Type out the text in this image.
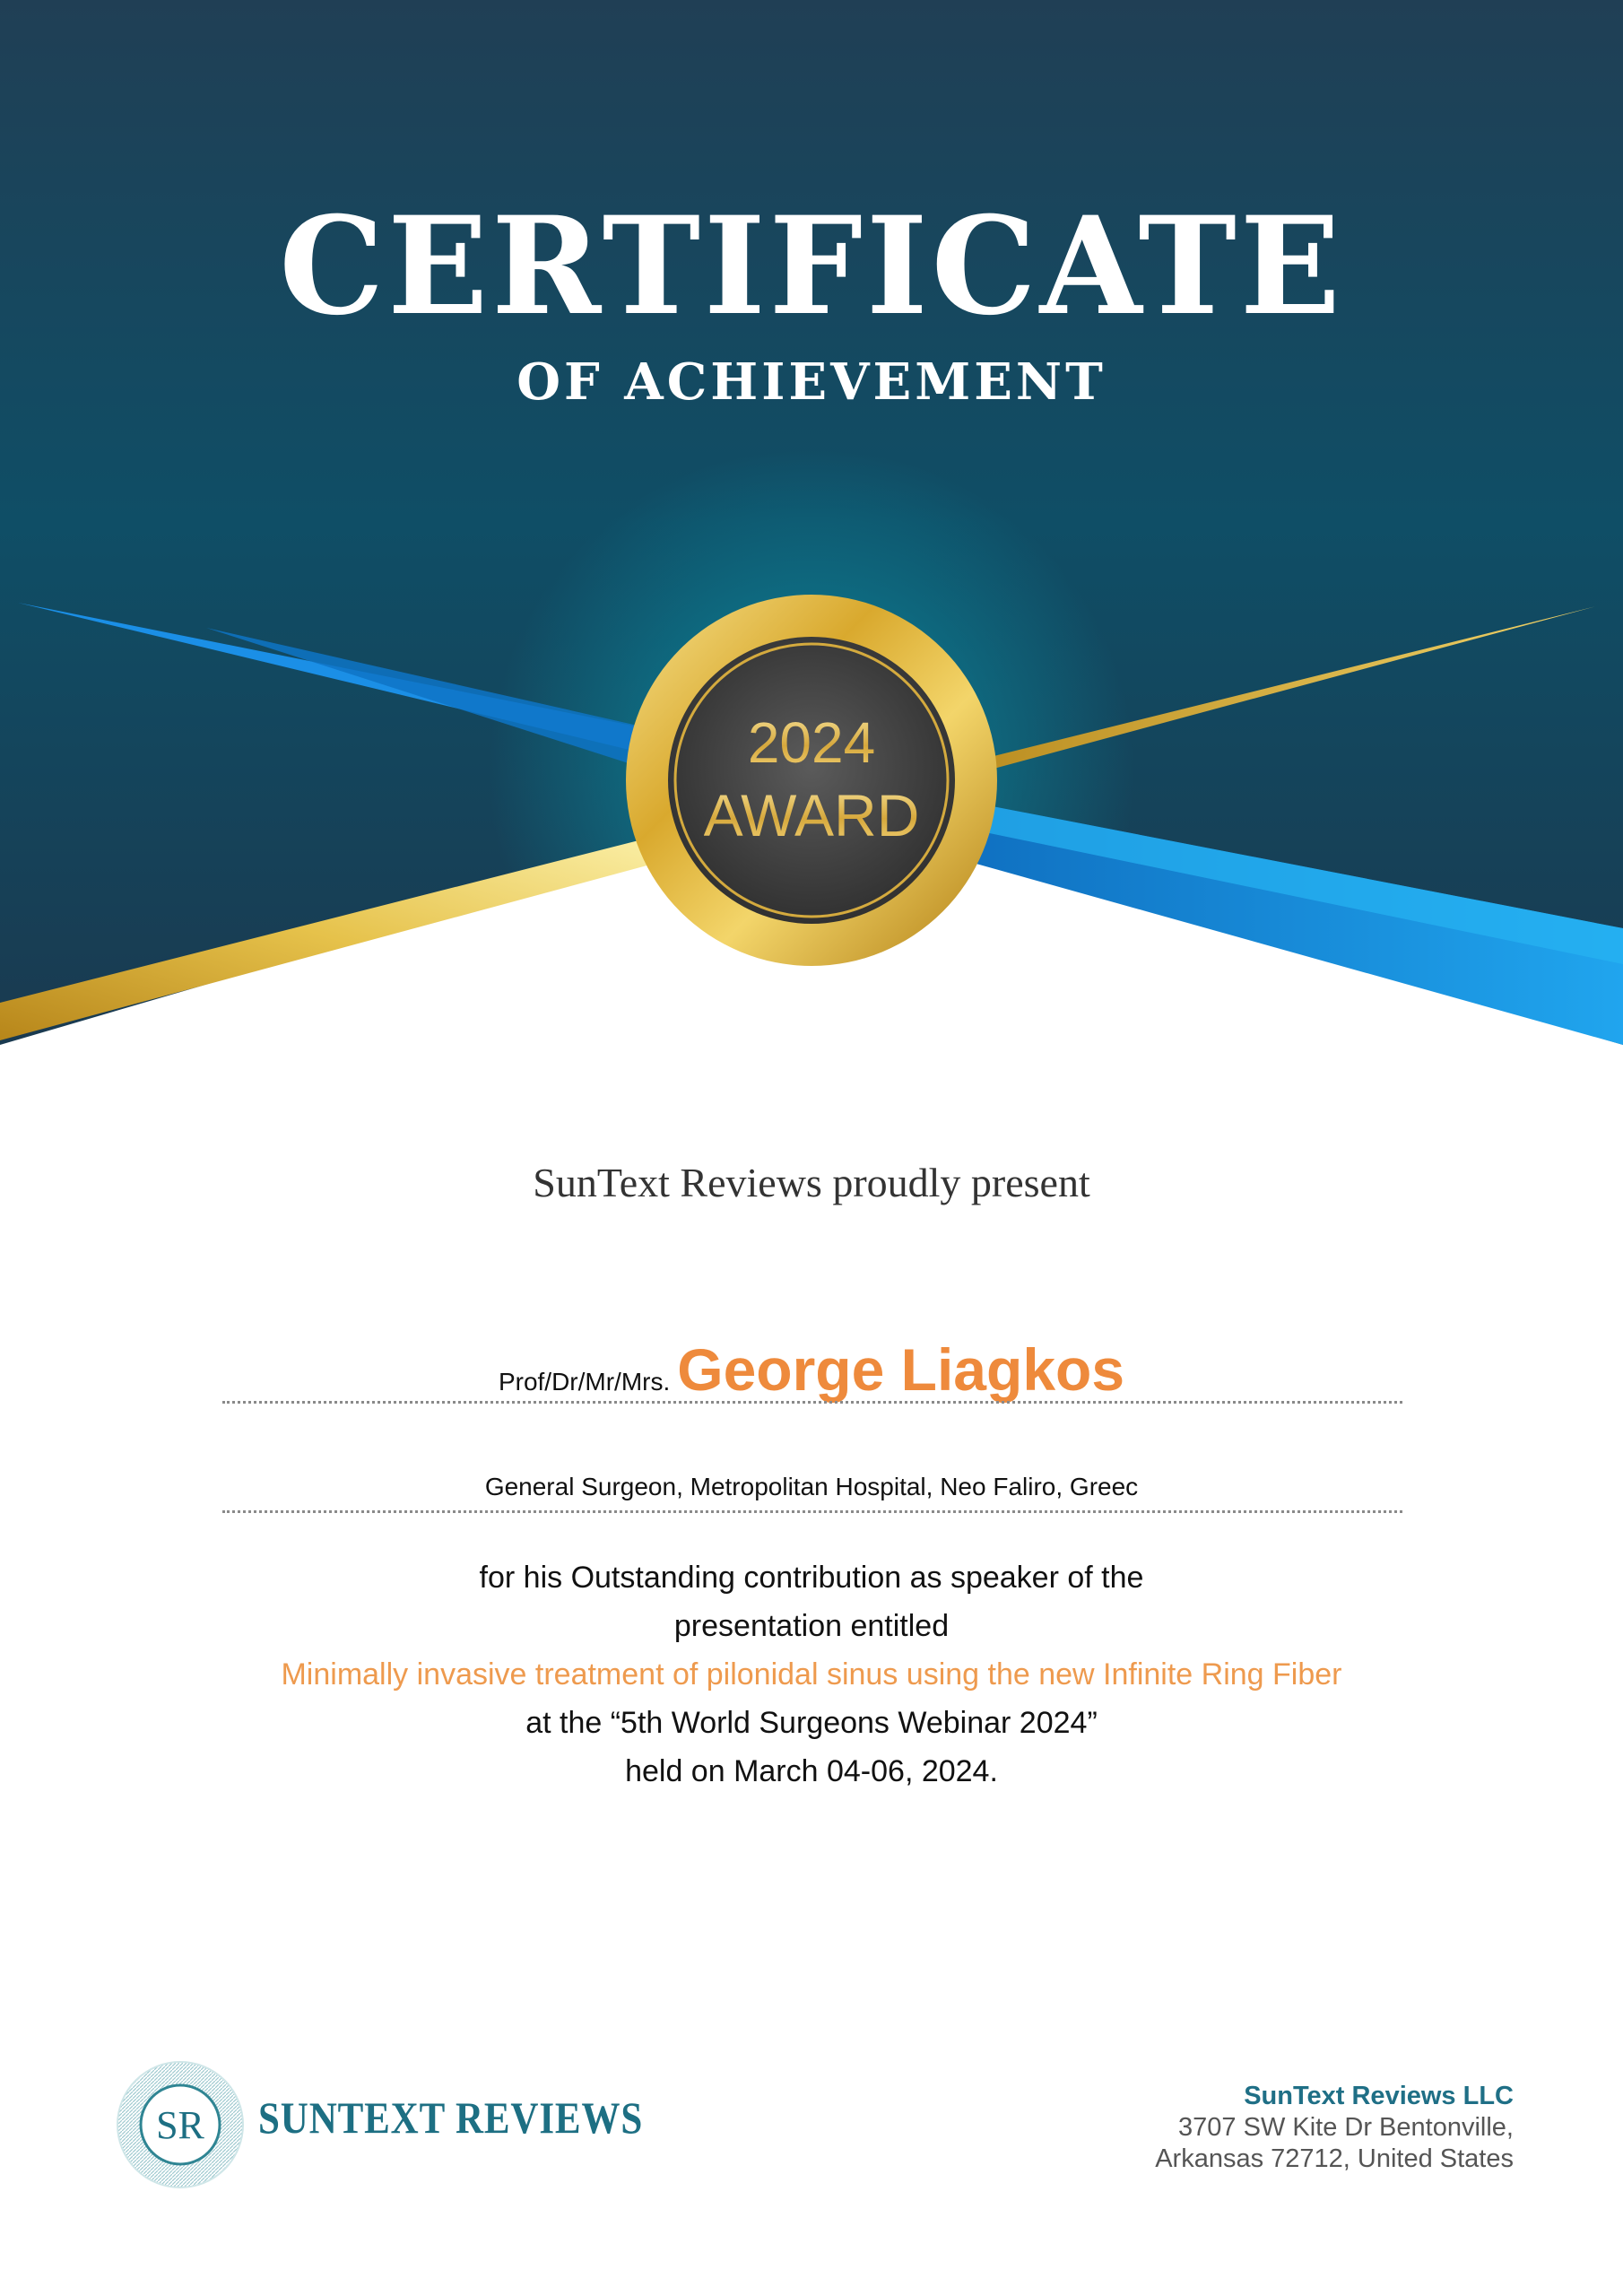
CERTIFICATE
OF ACHIEVEMENT
2024
AWARD
SunText Reviews proudly present
Prof/Dr/Mr/Mrs. George Liagkos
General Surgeon, Metropolitan Hospital, Neo Faliro, Greec
for his Outstanding contribution as speaker of the
presentation entitled
Minimally invasive treatment of pilonidal sinus using the new Infinite Ring Fiber
at the “5th World Surgeons Webinar 2024”
held on March 04-06, 2024.
SR SUNTEXT REVIEWS	SunText Reviews LLC
3707 SW Kite Dr Bentonville,
Arkansas 72712, United States
